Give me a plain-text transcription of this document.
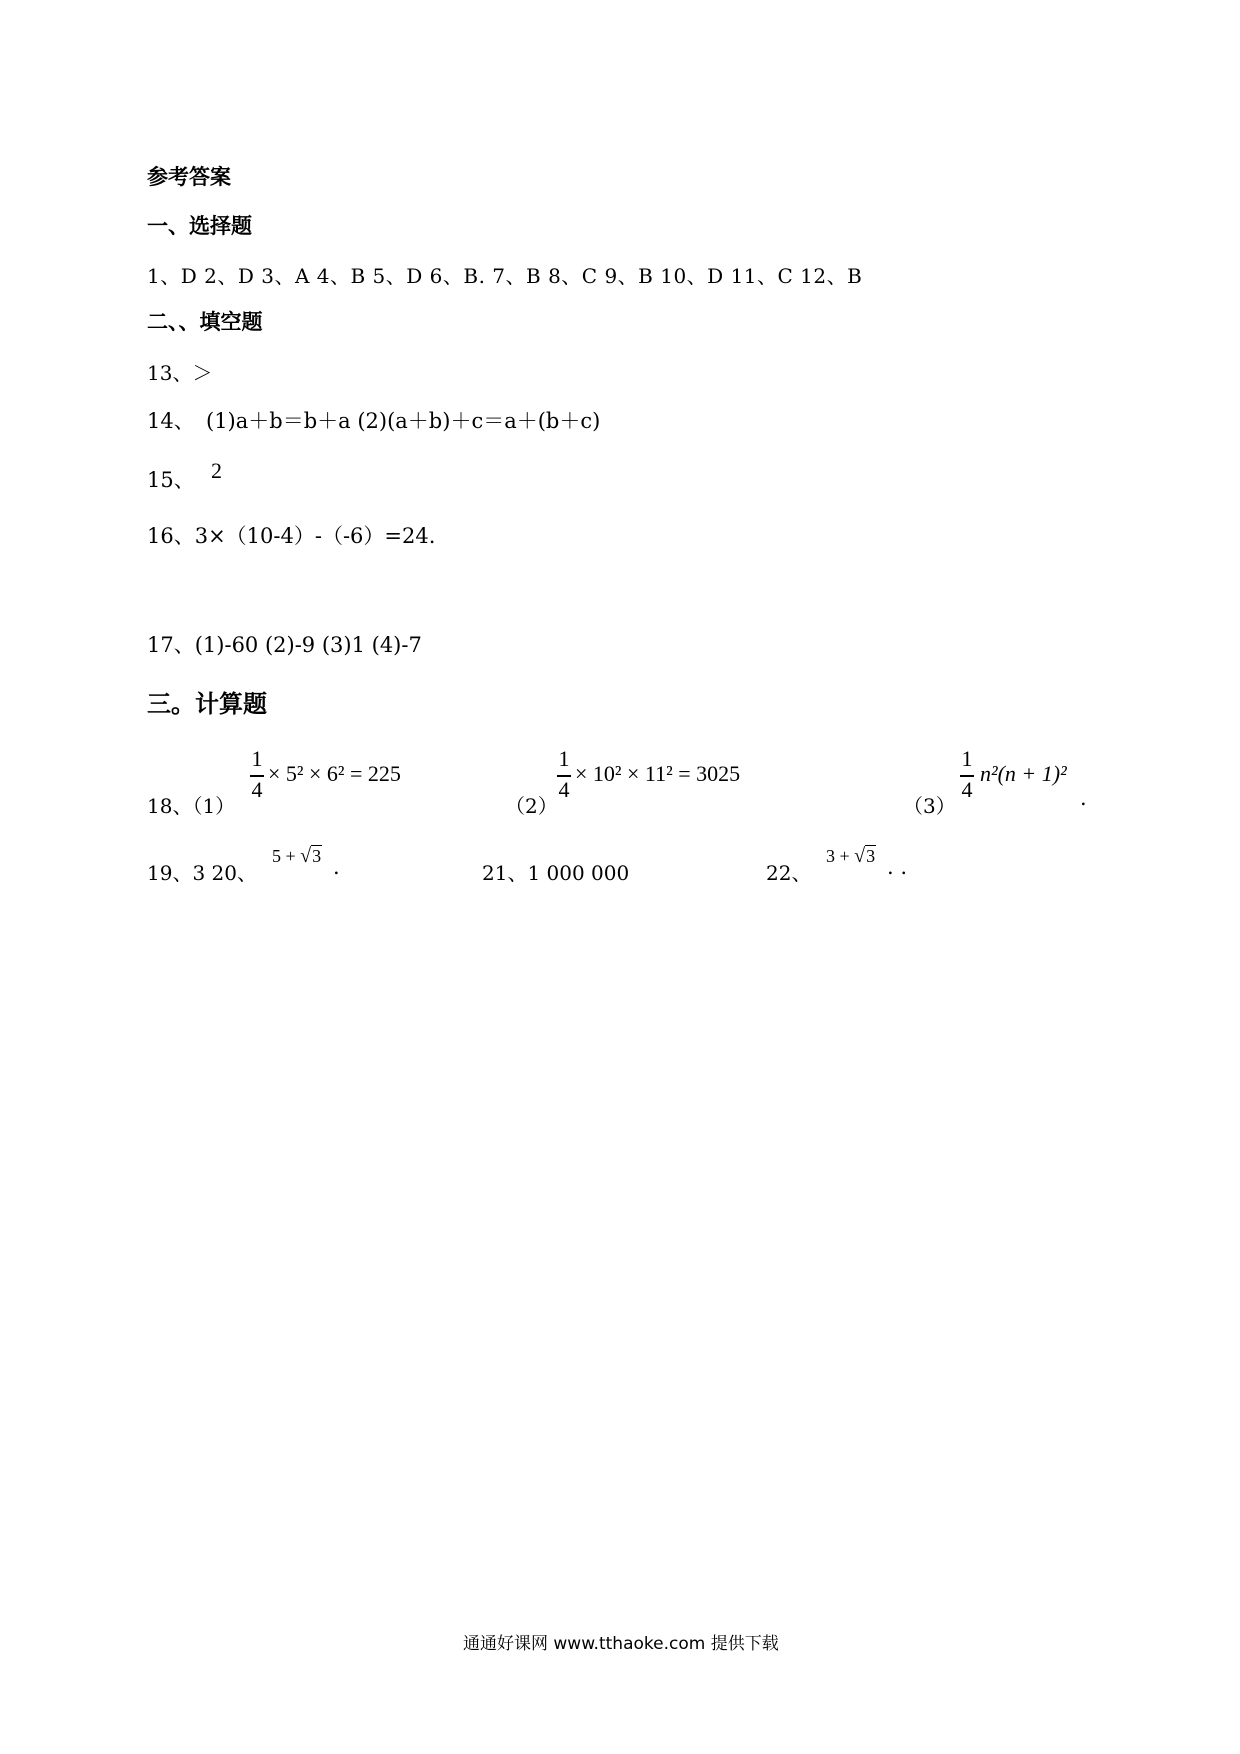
参考答案
一、选择题
1、D 2、D 3、A 4、B 5、D 6、B. 7、B 8、C 9、B 10、D 11、C 12、B
二、、填空题
13、＞
14、 (1)a＋b＝b＋a (2)(a＋b)＋c＝a＋(b＋c)
15、 2
16、3×（10-4）-（-6）=24.
17、(1)-60 (2)-9 (3)1 (4)-7
三。计算题
18、（1）
1
4
× 5² × 6² = 225
（2）
1
4
× 10² × 11² = 3025
（3）
1
4
n²(n + 1)²
.
19、3 20、
5 + √3 .	21、1 000 000	22、
3 + √3 . .
通通好课网 www.tthaoke.com 提供下载
